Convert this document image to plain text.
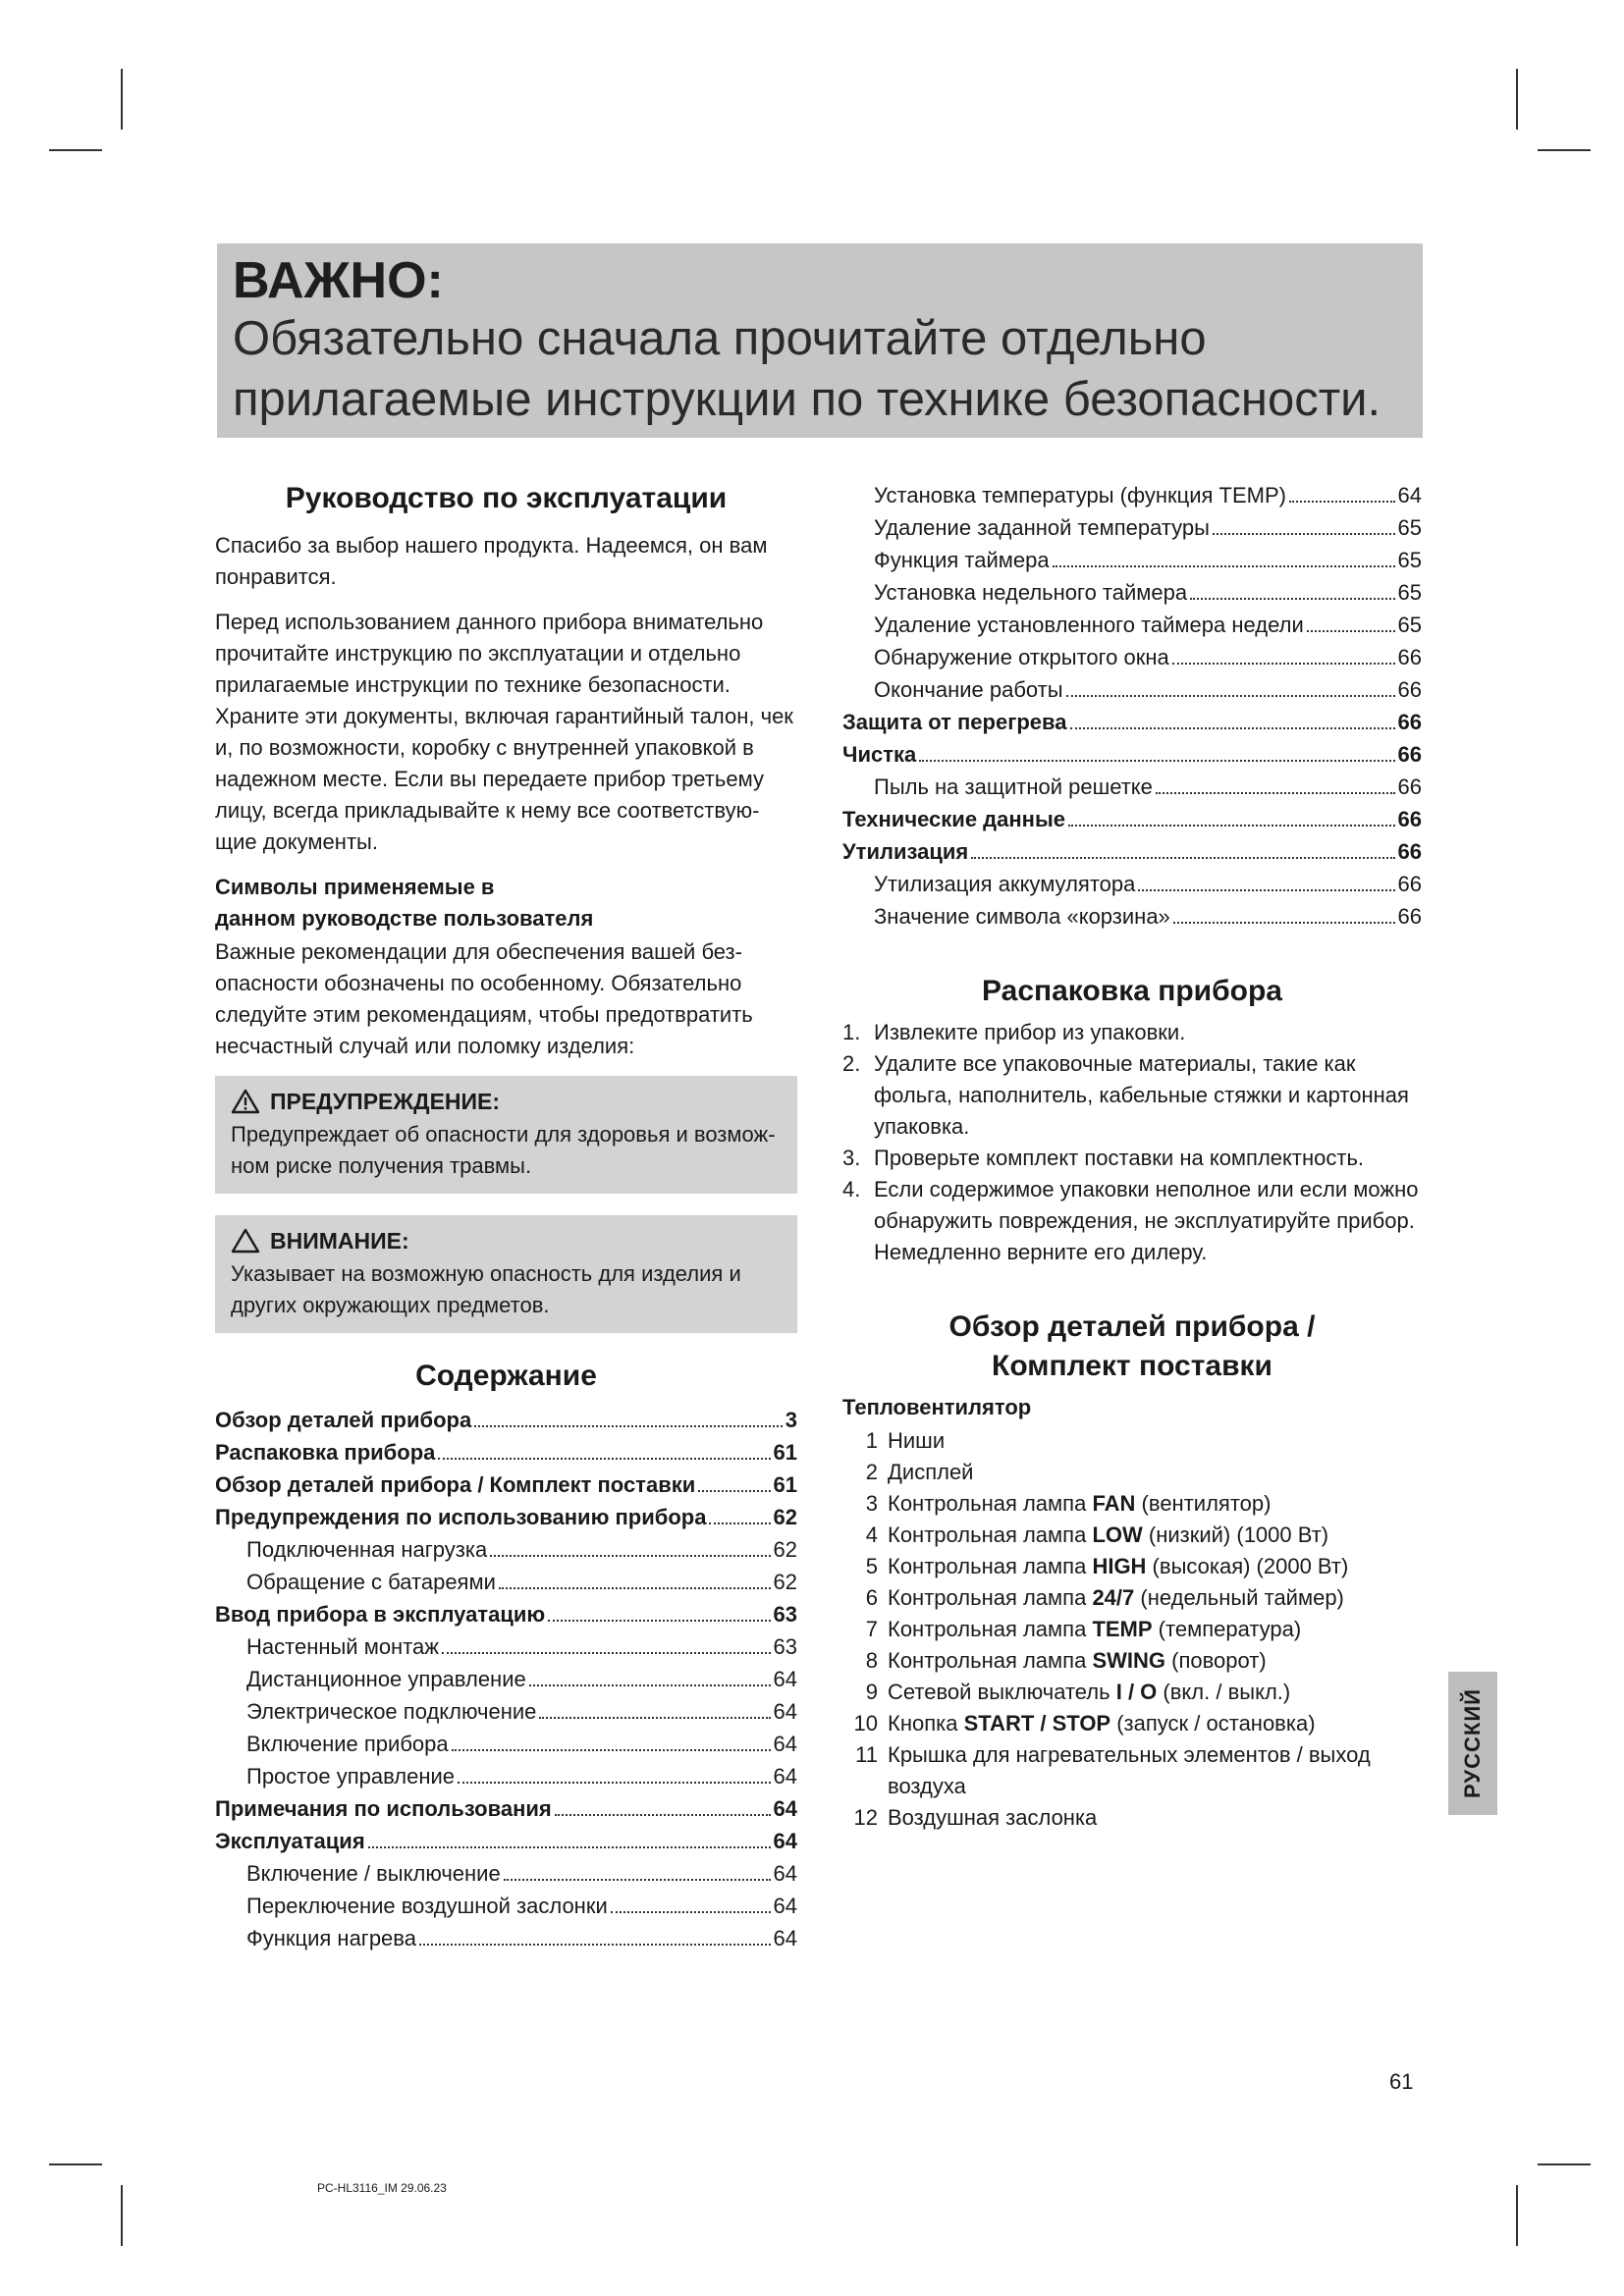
ВАЖНО:
Обязательно сначала прочитайте отдельно прилагаемые инструкции по технике безопасности.
Руководство по эксплуатации

Спасибо за выбор нашего продукта. Надеемся, он вам понравится.

Перед использованием данного прибора внимательно прочитайте инструкцию по эксплуатации и отдельно прилагаемые инструкции по технике безопасности. Храните эти документы, включая гарантийный талон, чек и, по возможности, коробку с внутренней упаковкой в надежном месте. Если вы передаете прибор третьему лицу, всегда прикладывайте к нему все соответствую-щие документы.

Символы применяемые в
данном руководстве пользователя

Важные рекомендации для обеспечения вашей без-опасности обозначены по особенному. Обязательно следуйте этим рекомендациям, чтобы предотвратить несчастный случай или поломку изделия:

ПРЕДУПРЕЖДЕНИЕ:
Предупреждает об опасности для здоровья и возмож-ном риске получения травмы.
ВНИМАНИЕ:
Указывает на возможную опасность для изделия и других окружающих предметов.
Содержание
Обзор деталей прибора	3
Распаковка прибора	61
Обзор деталей прибора / Комплект поставки	61
Предупреждения по использованию прибора	62
Подключенная нагрузка	62
Обращение с батареями	62
Ввод прибора в эксплуатацию	63
Настенный монтаж	63
Дистанционное управление	64
Электрическое подключение	64
Включение прибора	64
Простое управление	64
Примечания по использования	64
Эксплуатация	64
Включение / выключение	64
Переключение воздушной заслонки	64
Функция нагрева	64
Установка температуры (функция TEMP)	64
Удаление заданной температуры	65
Функция таймера	65
Установка недельного таймера	65
Удаление установленного таймера недели	65
Обнаружение открытого окна	66
Окончание работы	66
Защита от перегрева	66
Чистка	66
Пыль на защитной решетке	66
Технические данные	66
Утилизация	66
Утилизация аккумулятора	66
Значение символа «корзина»	66
Распаковка прибора
1. Извлеките прибор из упаковки.
2. Удалите все упаковочные материалы, такие как фольга, наполнитель, кабельные стяжки и картонная упаковка.
3. Проверьте комплект поставки на комплектность.
4. Если содержимое упаковки неполное или если можно обнаружить повреждения, не эксплуатируйте прибор. Немедленно верните его дилеру.
Обзор деталей прибора /
Комплект поставки
Тепловентилятор
1 Ниши
2 Дисплей
3 Контрольная лампа FAN (вентилятор)
4 Контрольная лампа LOW (низкий) (1000 Вт)
5 Контрольная лампа HIGH (высокая) (2000 Вт)
6 Контрольная лампа 24/7 (недельный таймер)
7 Контрольная лампа TEMP (температура)
8 Контрольная лампа SWING (поворот)
9 Сетевой выключатель I / O (вкл. / выкл.)
10 Кнопка START / STOP (запуск / остановка)
11 Крышка для нагревательных элементов / выход воздуха
12 Воздушная заслонка
РУССКИЙ
61
PC-HL3116_IM 29.06.23
